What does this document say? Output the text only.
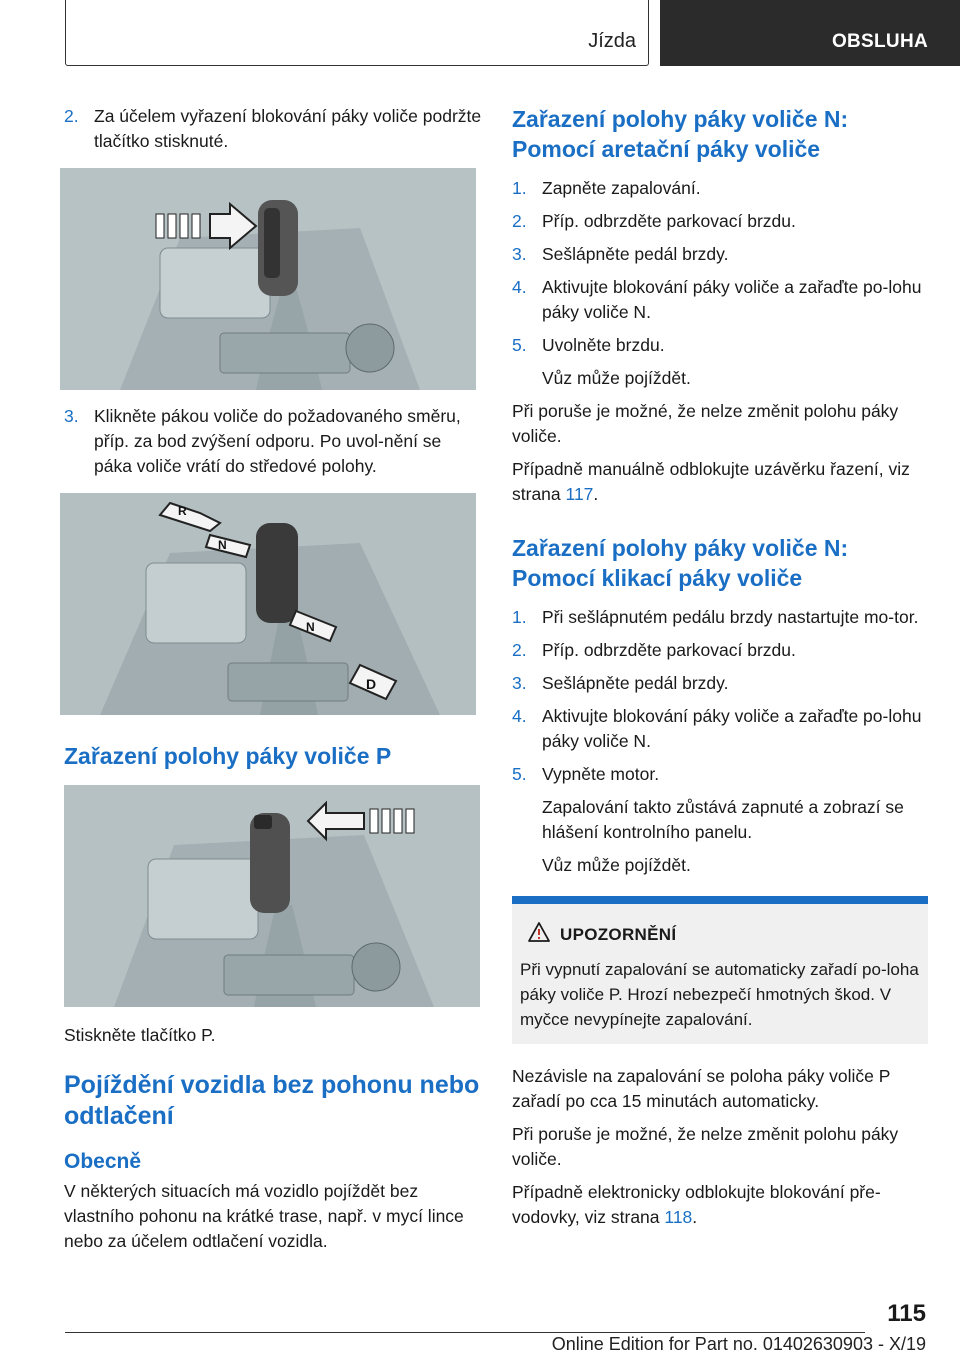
Jízda	OBSLUHA
2. Za účelem vyřazení blokování páky voliče podržte tlačítko stisknuté.
3. Klikněte pákou voliče do požadovaného směru, příp. za bod zvýšení odporu. Po uvol‐nění se páka voliče vrátí do středové polohy.
R
N
N
D
Zařazení polohy páky voliče P
Stiskněte tlačítko P.
Pojíždění vozidla bez pohonu nebo odtlačení
Obecně
V některých situacích má vozidlo pojíždět bez vlastního pohonu na krátké trase, např. v mycí lince nebo za účelem odtlačení vozidla.
Zařazení polohy páky voliče N: Pomocí aretační páky voliče
1. Zapněte zapalování.
2. Příp. odbrzděte parkovací brzdu.
3. Sešlápněte pedál brzdy.
4. Aktivujte blokování páky voliče a zařaďte po‐lohu páky voliče N.
5. Uvolněte brzdu.
Vůz může pojíždět.
Při poruše je možné, že nelze změnit polohu páky voliče.
Případně manuálně odblokujte uzávěrku řazení, viz strana 117.
Zařazení polohy páky voliče N: Pomocí klikací páky voliče
1. Při sešlápnutém pedálu brzdy nastartujte mo‐tor.
2. Příp. odbrzděte parkovací brzdu.
3. Sešlápněte pedál brzdy.
4. Aktivujte blokování páky voliče a zařaďte po‐lohu páky voliče N.
5. Vypněte motor.
Zapalování takto zůstává zapnuté a zobrazí se hlášení kontrolního panelu.
Vůz může pojíždět.
UPOZORNĚNÍ
Při vypnutí zapalování se automaticky zařadí po‐loha páky voliče P. Hrozí nebezpečí hmotných škod. V myčce nevypínejte zapalování.
Nezávisle na zapalování se poloha páky voliče P zařadí po cca 15 minutách automaticky.
Při poruše je možné, že nelze změnit polohu páky voliče.
Případně elektronicky odblokujte blokování pře‐vodovky, viz strana 118.
115
Online Edition for Part no. 01402630903 - X/19
